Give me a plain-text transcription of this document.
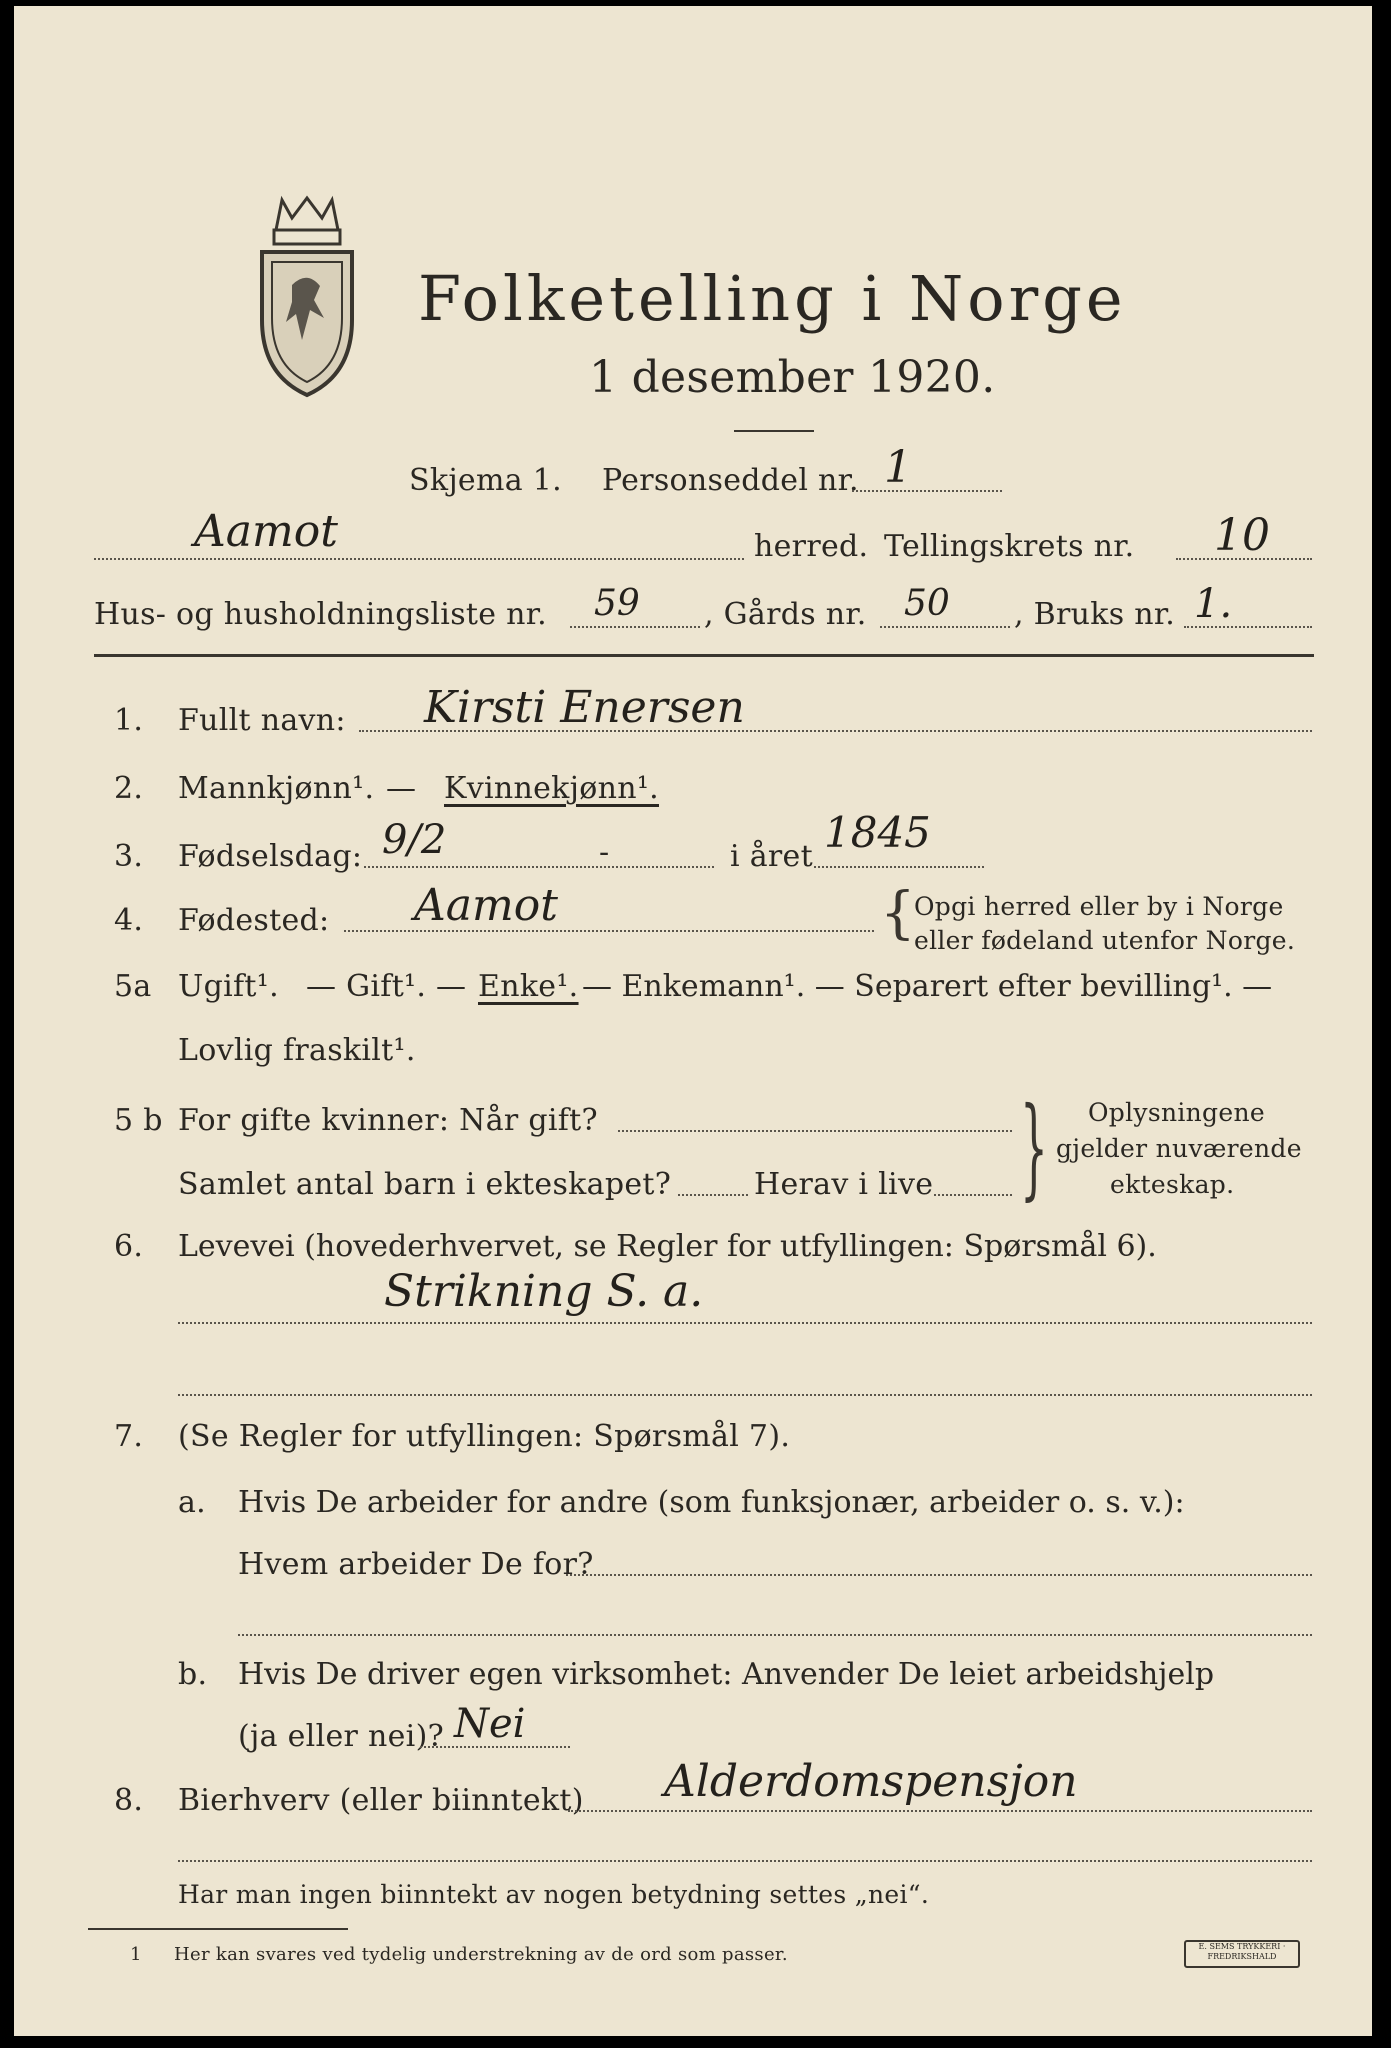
Folketelling i Norge
1 desember 1920.
Skjema 1. Personseddel nr. 1
Aamot	herred. Tellingskrets nr. 10
Hus- og husholdningsliste nr. 59 , Gårds nr. 50 , Bruks nr. 1.
1. Fullt navn: Kirsti Enersen
2. Mannkjønn¹. — Kvinnekjønn¹.
3. Fødselsdag: 9/2	-	i året 1845
4. Fødested: Aamot	{
Opgi herred eller by i Norge
eller fødeland utenfor Norge.
5a Ugift¹. — Gift¹. — Enke¹. — Enkemann¹. — Separert efter bevilling¹. —
Lovlig fraskilt¹.
5 b For gifte kvinner: Når gift?
Samlet antal barn i ekteskapet?	Herav i live } Oplysningene
gjelder nuværende
ekteskap.
6. Levevei (hovederhvervet, se Regler for utfyllingen: Spørsmål 6).
Strikning S. a.
7. (Se Regler for utfyllingen: Spørsmål 7).
a. Hvis De arbeider for andre (som funksjonær, arbeider o. s. v.):
Hvem arbeider De for?
b. Hvis De driver egen virksomhet: Anvender De leiet arbeidshjelp
(ja eller nei)? Nei
8. Bierhverv (eller biinntekt) Alderdomspensjon
Har man ingen biinntekt av nogen betydning settes „nei“.
1 Her kan svares ved tydelig understrekning av de ord som passer.	E. SEMS TRYKKERI · FREDRIKSHALD
